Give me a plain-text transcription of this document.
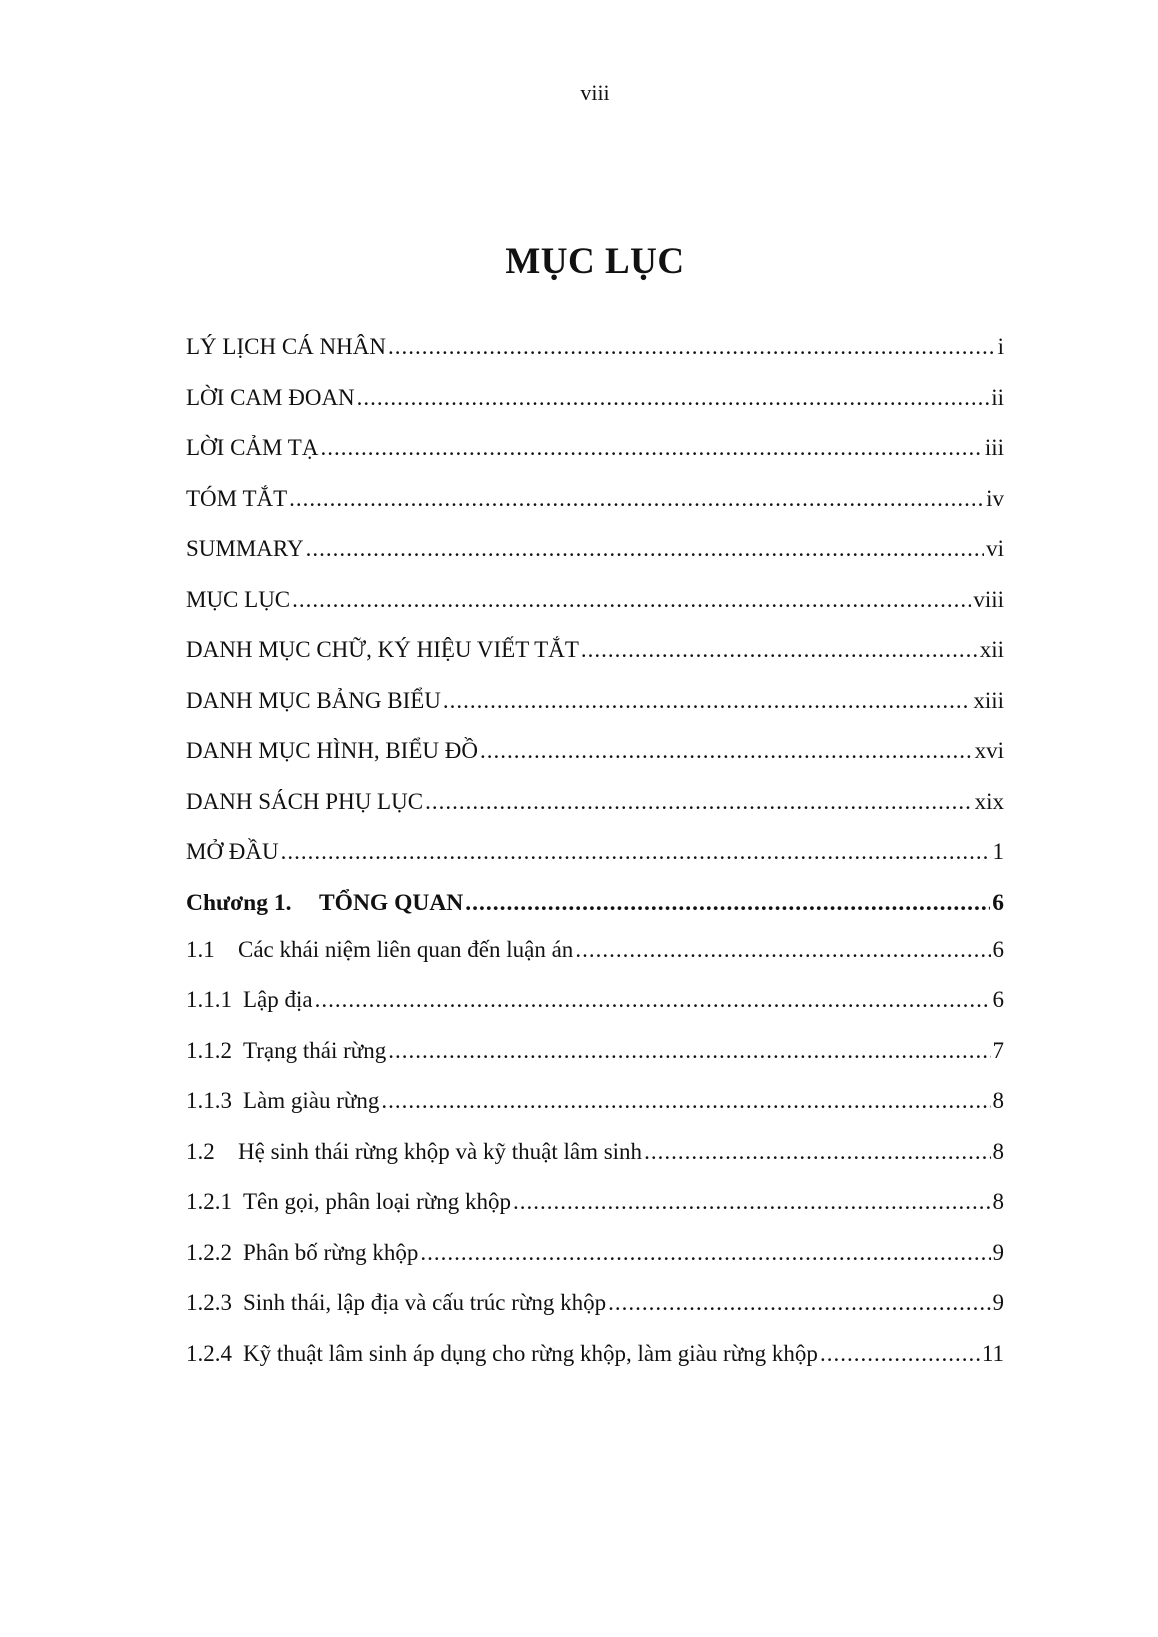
viii
MỤC LỤC
LÝ LỊCH CÁ NHÂN .....	i
LỜI CAM ĐOAN .....	ii
LỜI CẢM TẠ .....	iii
TÓM TẮT .....	iv
SUMMARY .....	vi
MỤC LỤC .....	viii
DANH MỤC CHỮ, KÝ HIỆU VIẾT TẮT .....	xii
DANH MỤC BẢNG BIỂU .....	xiii
DANH MỤC HÌNH, BIỂU ĐỒ .....	xvi
DANH SÁCH PHỤ LỤC .....	xix
MỞ ĐẦU .....	1
Chương 1.	TỔNG QUAN .....	6
1.1	Các khái niệm liên quan đến luận án .....	6
1.1.1 Lập địa .....	6
1.1.2 Trạng thái rừng .....	7
1.1.3 Làm giàu rừng .....	8
1.2	Hệ sinh thái rừng khộp và kỹ thuật lâm sinh .....	8
1.2.1 Tên gọi, phân loại rừng khộp .....	8
1.2.2 Phân bố rừng khộp .....	9
1.2.3 Sinh thái, lập địa và cấu trúc rừng khộp .....	9
1.2.4 Kỹ thuật lâm sinh áp dụng cho rừng khộp, làm giàu rừng khộp .....	11
